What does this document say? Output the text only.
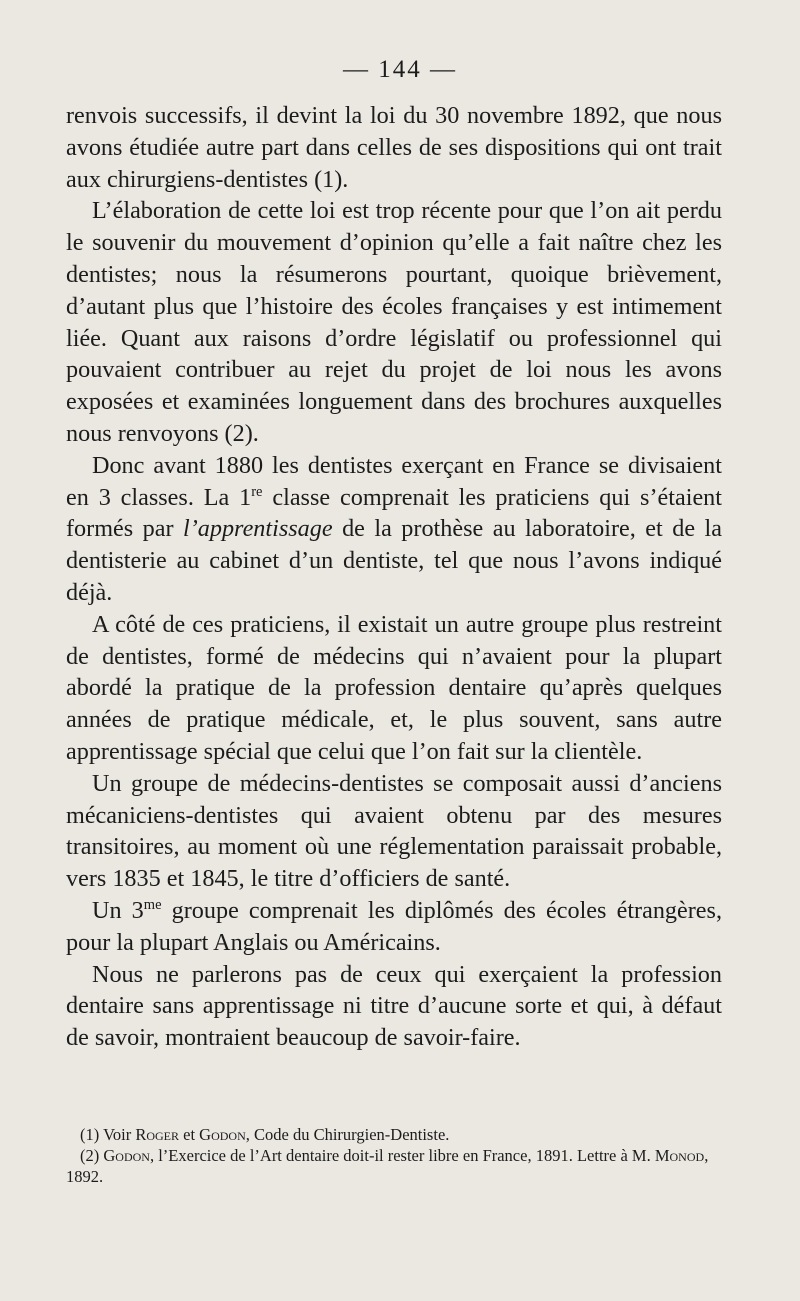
— 144 —

renvois successifs, il devint la loi du 30 novembre 1892, que nous avons étudiée autre part dans celles de ses dispositions qui ont trait aux chirurgiens-dentistes (1).

L’élaboration de cette loi est trop récente pour que l’on ait perdu le souvenir du mouvement d’opinion qu’elle a fait naître chez les dentistes; nous la résumerons pourtant, quoique brièvement, d’autant plus que l’histoire des écoles françaises y est intimement liée. Quant aux raisons d’ordre législatif ou professionnel qui pouvaient contribuer au rejet du projet de loi nous les avons exposées et examinées longuement dans des brochures auxquelles nous renvoyons (2).

Donc avant 1880 les dentistes exerçant en France se divisaient en 3 classes. La 1re classe comprenait les praticiens qui s’étaient formés par l’apprentissage de la prothèse au laboratoire, et de la dentisterie au cabinet d’un dentiste, tel que nous l’avons indiqué déjà.

A côté de ces praticiens, il existait un autre groupe plus restreint de dentistes, formé de médecins qui n’avaient pour la plupart abordé la pratique de la profession dentaire qu’après quelques années de pratique médicale, et, le plus souvent, sans autre apprentissage spécial que celui que l’on fait sur la clientèle.

Un groupe de médecins-dentistes se composait aussi d’anciens mécaniciens-dentistes qui avaient obtenu par des mesures transitoires, au moment où une réglementation paraissait probable, vers 1835 et 1845, le titre d’officiers de santé.

Un $3^{me}$ groupe comprenait les diplômés des écoles étrangères, pour la plupart Anglais ou Américains.

Nous ne parlerons pas de ceux qui exerçaient la profession dentaire sans apprentissage ni titre d’aucune sorte et qui, à défaut de savoir, montraient beaucoup de savoir-faire.

(1) Voir Roger et Godon, Code du Chirurgien-Dentiste.

(2) Godon, l’Exercice de l’Art dentaire doit-il rester libre en France, 1891. Lettre à M. Monod, 1892.
